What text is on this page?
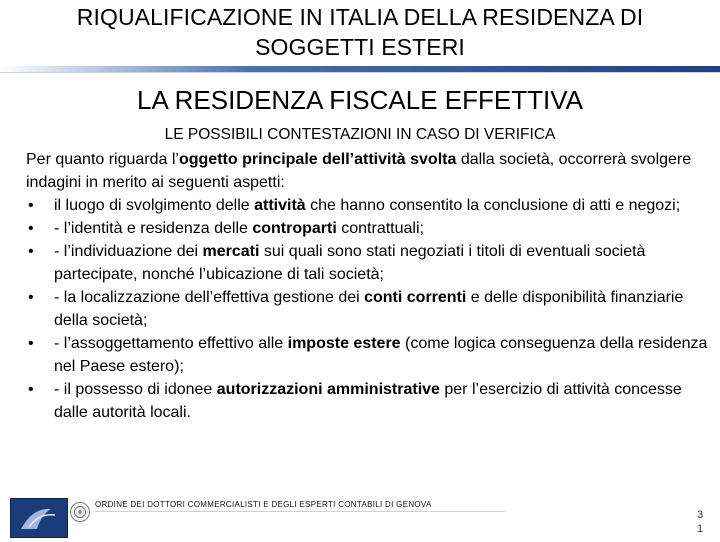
RIQUALIFICAZIONE IN ITALIA DELLA RESIDENZA DI
SOGGETTI ESTERI
LA RESIDENZA FISCALE EFFETTIVA
LE POSSIBILI CONTESTAZIONI IN CASO DI VERIFICA

Per quanto riguarda l’oggetto principale dell’attività svolta dalla società, occorrerà svolgere indagini in merito ai seguenti aspetti:

• il luogo di svolgimento delle attività che hanno consentito la conclusione di atti e negozi;
• - l’identità e residenza delle controparti contrattuali;
• - l’individuazione dei mercati sui quali sono stati negoziati i titoli di eventuali società partecipate, nonché l’ubicazione di tali società;
• - la localizzazione dell’effettiva gestione dei conti correnti e delle disponibilità finanziarie della società;
• - l’assoggettamento effettivo alle imposte estere (come logica conseguenza della residenza nel Paese estero);
• - il possesso di idonee autorizzazioni amministrative per l’esercizio di attività concesse dalle autorità locali.
ORDINE DEI DOTTORI COMMERCIALISTI E DEGLI ESPERTI CONTABILI DI GENOVA
3
1
